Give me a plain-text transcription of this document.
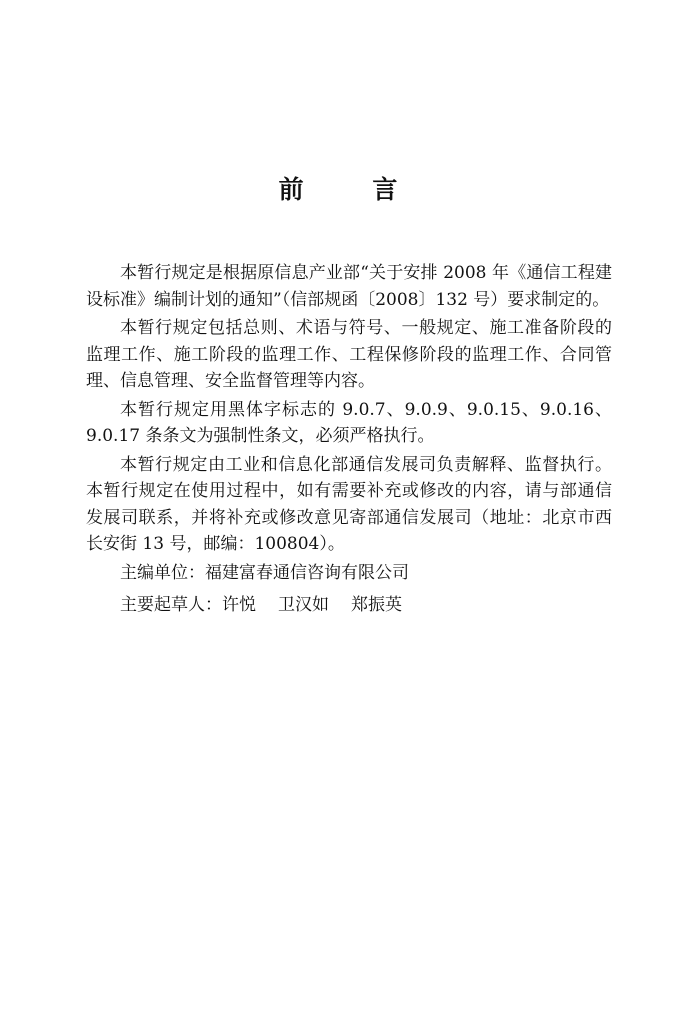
前 言

本暂行规定是根据原信息产业部“关于安排 2008 年《通信工程建设标准》编制计划的通知”（信部规函〔2008〕132 号）要求制定的。

本暂行规定包括总则、术语与符号、一般规定、施工准备阶段的监理工作、施工阶段的监理工作、工程保修阶段的监理工作、合同管理、信息管理、安全监督管理等内容。

本暂行规定用黑体字标志的 9.0.7、9.0.9、9.0.15、9.0.16、9.0.17 条条文为强制性条文，必须严格执行。

本暂行规定由工业和信息化部通信发展司负责解释、监督执行。本暂行规定在使用过程中，如有需要补充或修改的内容，请与部通信发展司联系，并将补充或修改意见寄部通信发展司（地址：北京市西长安街 13 号，邮编：100804）。

主编单位：福建富春通信咨询有限公司

主要起草人：许悦 卫汉如 郑振英
